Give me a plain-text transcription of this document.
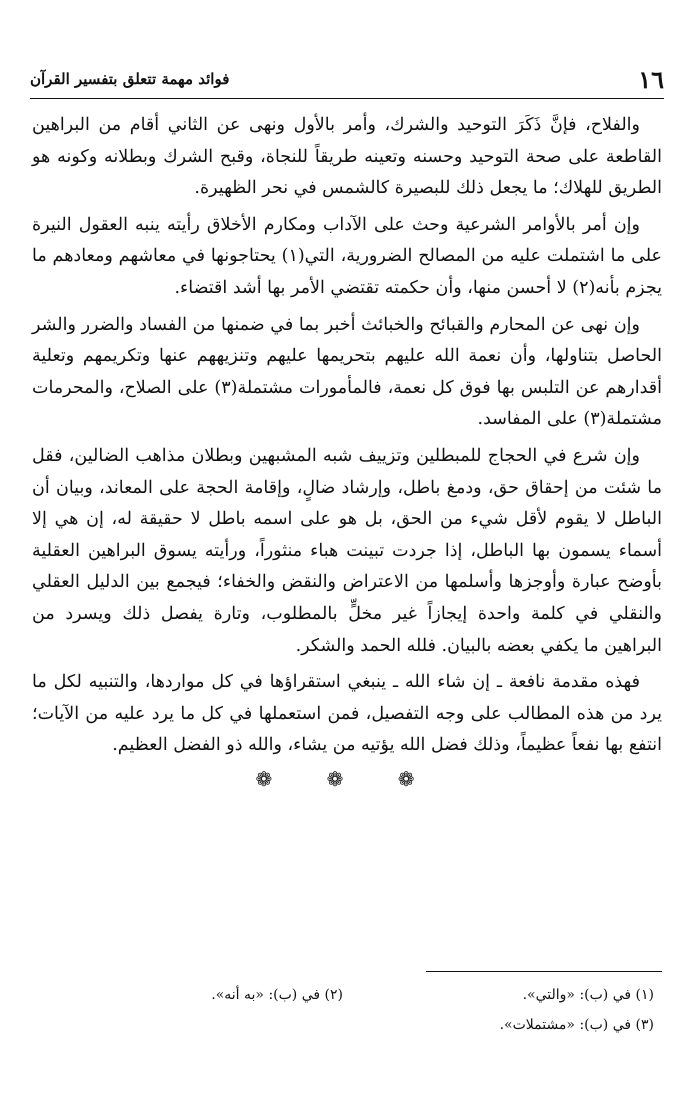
١٦
فوائد مهمة تتعلق بتفسير القرآن

والفلاح، فإنَّ ذَكَرَ التوحيد والشرك، وأمر بالأول ونهى عن الثاني أقام من البراهين القاطعة على صحة التوحيد وحسنه وتعينه طريقاً للنجاة، وقبح الشرك وبطلانه وكونه هو الطريق للهلاك؛ ما يجعل ذلك للبصيرة كالشمس في نحر الظهيرة.

وإن أمر بالأوامر الشرعية وحث على الآداب ومكارم الأخلاق رأيته ينبه العقول النيرة على ما اشتملت عليه من المصالح الضرورية، التي(١) يحتاجونها في معاشهم ومعادهم ما يجزم بأنه(٢) لا أحسن منها، وأن حكمته تقتضي الأمر بها أشد اقتضاء.

وإن نهى عن المحارم والقبائح والخبائث أخبر بما في ضمنها من الفساد والضرر والشر الحاصل بتناولها، وأن نعمة الله عليهم بتحريمها عليهم وتنزيههم عنها وتكريمهم وتعلية أقدارهم عن التلبس بها فوق كل نعمة، فالمأمورات مشتملة(٣) على الصلاح، والمحرمات مشتملة(٣) على المفاسد.

وإن شرع في الحجاج للمبطلين وتزييف شبه المشبهين وبطلان مذاهب الضالين، فقل ما شئت من إحقاق حق، ودمغ باطل، وإرشاد ضالٍ، وإقامة الحجة على المعاند، وبيان أن الباطل لا يقوم لأقل شيء من الحق، بل هو على اسمه باطل لا حقيقة له، إن هي إلا أسماء يسمون بها الباطل، إذا جردت تبينت هباء منثوراً، ورأيته يسوق البراهين العقلية بأوضح عبارة وأوجزها وأسلمها من الاعتراض والنقض والخفاء؛ فيجمع بين الدليل العقلي والنقلي في كلمة واحدة إيجازاً غير مخلٍّ بالمطلوب، وتارة يفصل ذلك ويسرد من البراهين ما يكفي بعضه بالبيان. فلله الحمد والشكر.

فهذه مقدمة نافعة ـ إن شاء الله ـ ينبغي استقراؤها في كل مواردها، والتنبيه لكل ما يرد من هذه المطالب على وجه التفصيل، فمن استعملها في كل ما يرد عليه من الآيات؛ انتفع بها نفعاً عظيماً، وذلك فضل الله يؤتيه من يشاء، والله ذو الفضل العظيم.

❁ ❁ ❁
(١) في (ب): «والتي».
(٢) في (ب): «به أنه».
(٣) في (ب): «مشتملات».
